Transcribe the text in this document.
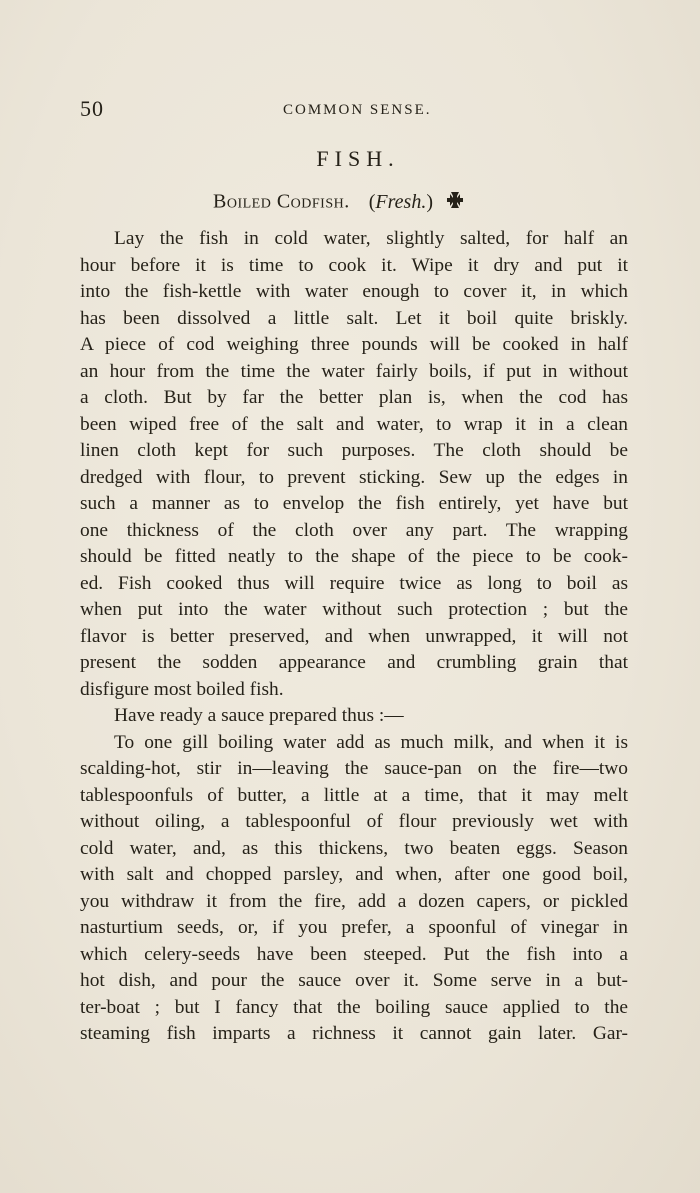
50	COMMON SENSE.
FISH.
Boiled Codfish. (Fresh.)
Lay the fish in cold water, slightly salted, for half an
hour before it is time to cook it. Wipe it dry and put it
into the fish-kettle with water enough to cover it, in which
has been dissolved a little salt. Let it boil quite briskly.
A piece of cod weighing three pounds will be cooked in half
an hour from the time the water fairly boils, if put in without
a cloth. But by far the better plan is, when the cod has
been wiped free of the salt and water, to wrap it in a clean
linen cloth kept for such purposes. The cloth should be
dredged with flour, to prevent sticking. Sew up the edges in
such a manner as to envelop the fish entirely, yet have but
one thickness of the cloth over any part. The wrapping
should be fitted neatly to the shape of the piece to be cook-
ed. Fish cooked thus will require twice as long to boil as
when put into the water without such protection ; but the
flavor is better preserved, and when unwrapped, it will not
present the sodden appearance and crumbling grain that
disfigure most boiled fish.
Have ready a sauce prepared thus :—
To one gill boiling water add as much milk, and when it is
scalding-hot, stir in—leaving the sauce-pan on the fire—two
tablespoonfuls of butter, a little at a time, that it may melt
without oiling, a tablespoonful of flour previously wet with
cold water, and, as this thickens, two beaten eggs. Season
with salt and chopped parsley, and when, after one good boil,
you withdraw it from the fire, add a dozen capers, or pickled
nasturtium seeds, or, if you prefer, a spoonful of vinegar in
which celery-seeds have been steeped. Put the fish into a
hot dish, and pour the sauce over it. Some serve in a but-
ter-boat ; but I fancy that the boiling sauce applied to the
steaming fish imparts a richness it cannot gain later. Gar-
